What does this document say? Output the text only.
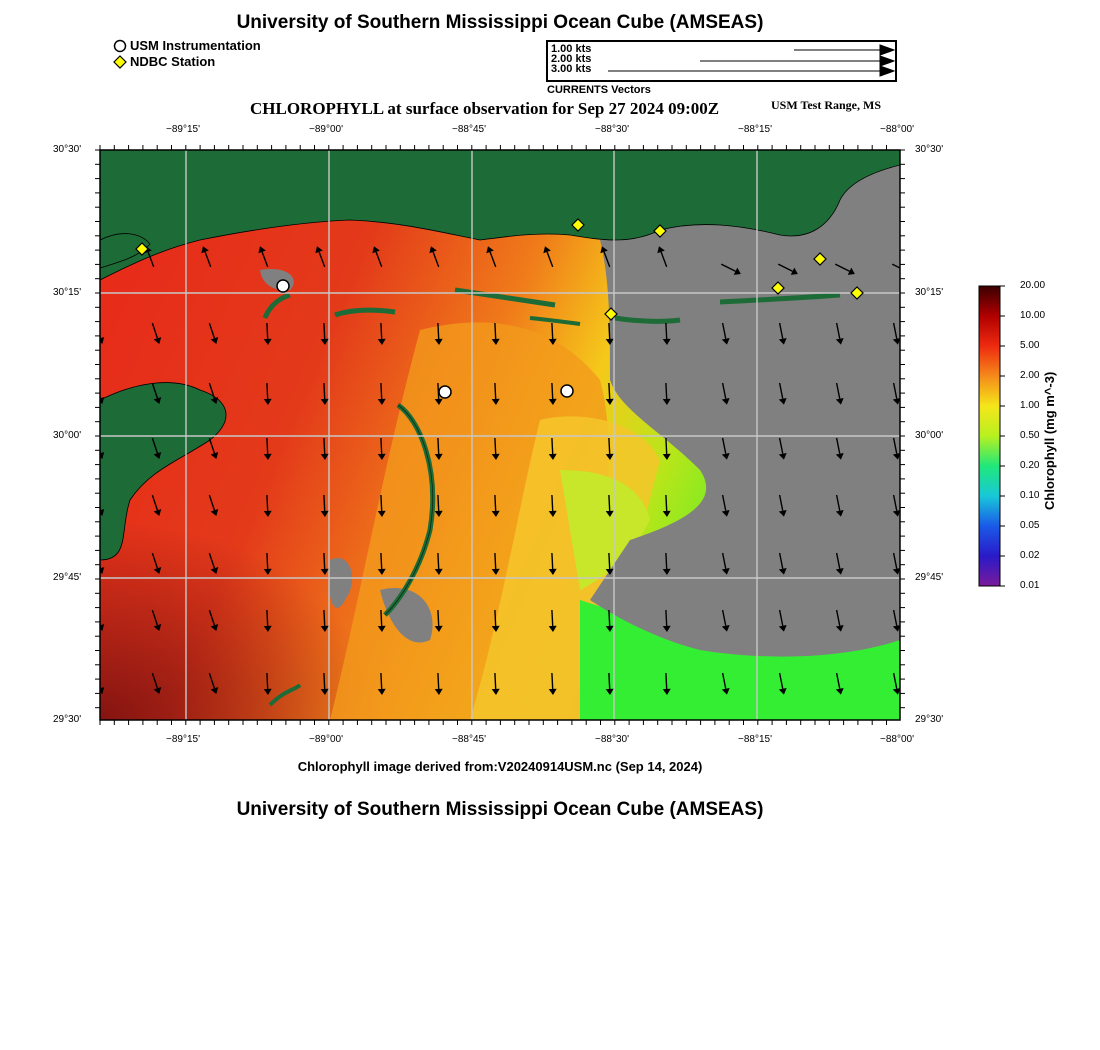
University of Southern Mississippi Ocean Cube (AMSEAS)
USM Instrumentation
NDBC Station
1.00 kts
2.00 kts
3.00 kts
CURRENTS Vectors
CHLOROPHYLL at surface observation for Sep 27 2024 09:00Z	USM Test Range, MS
−89°15'	−89°00'	−88°45'	−88°30'	−88°15'	−88°00'
−89°15'	−89°00'	−88°45'	−88°30'	−88°15'	−88°00'
30°30'
30°15'
30°00'
29°45'
29°30'
30°30'
30°15'
30°00'
29°45'
29°30'
20.00
10.00
5.00
2.00
1.00
0.50
0.20
0.10
0.05
0.02
0.01
Chlorophyll (mg m^-3)
Chlorophyll image derived from:V20240914USM.nc (Sep 14, 2024)
University of Southern Mississippi Ocean Cube (AMSEAS)
